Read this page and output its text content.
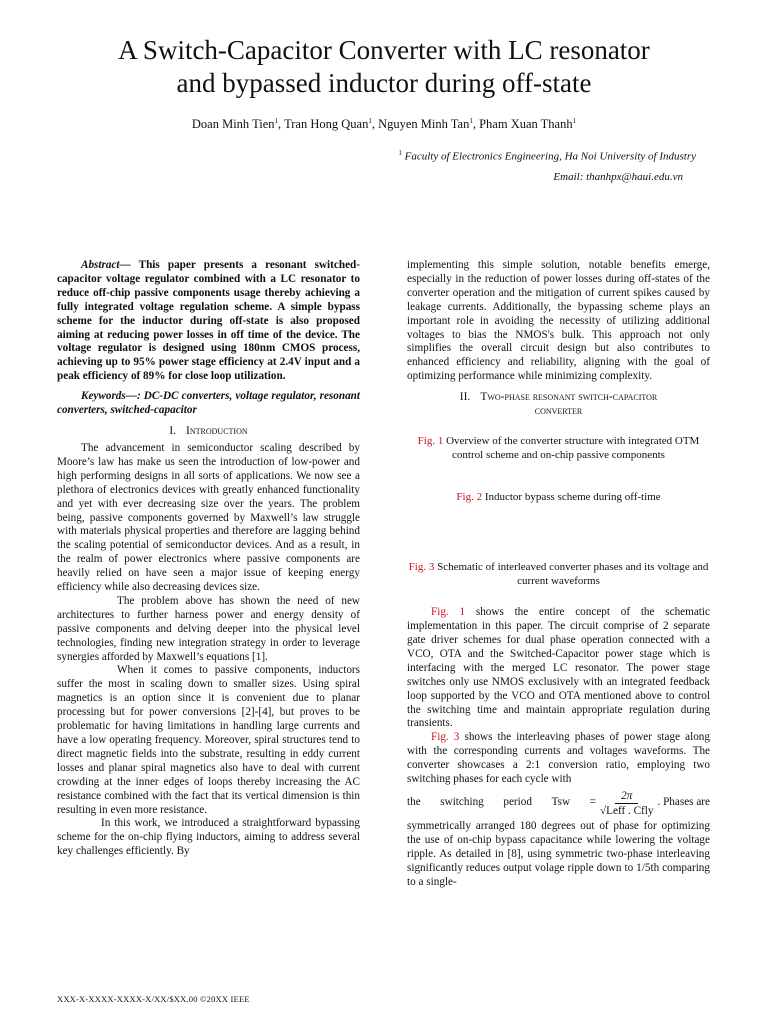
A Switch-Capacitor Converter with LC resonator
and bypassed inductor during off-state

Doan Minh Tien$^1$, Tran Hong Quan$^1$, Nguyen Minh Tan$^1$, Pham Xuan Thanh$^1$

$^1$ Faculty of Electronics Engineering, Ha Noi University of Industry

Email: thanhpx@haui.edu.vn

Abstract— This paper presents a resonant switched-capacitor voltage regulator combined with a LC resonator to reduce off-chip passive components usage thereby achieving a fully integrated voltage regulation scheme. A simple bypass scheme for the inductor during off-state is also proposed aiming at reducing power losses in off time of the device. The voltage regulator is designed using 180nm CMOS process, achieving up to 95% power stage efficiency at 2.4V input and a peak efficiency of 89% for close loop utilization.

Keywords—: DC-DC converters, voltage regulator, resonant converters, switched-capacitor

I. Introduction

The advancement in semiconductor scaling described by Moore’s law has make us seen the introduction of low-power and high performing designs in all sorts of applications. We now see a plethora of electronics devices with greatly enhanced functionality and yet with ever decreasing size over the years. The problem being, passive components governed by Maxwell’s law struggle with materials physical properties and therefore are lagging behind the scaling potential of semiconductor devices. And as a result, in the realm of power electronics where passive components are heavily relied on have seen a major issue of keeping energy efficiency while also decreasing devices size.

The problem above has shown the need of new architectures to further harness power and energy density of passive components and delving deeper into the physical level technologies, finding new integration strategy in order to leverage synergies afforded by Maxwell’s equations [1].

When it comes to passive components, inductors suffer the most in scaling down to smaller sizes. Using spiral magnetics is an option since it is convenient due to planar processing but for power conversions [2]-[4], but proves to be problematic for having limitations in handling large currents and have a low operating frequency. Moreover, spiral structures tend to direct magnetic fields into the substrate, resulting in eddy current losses and planar spiral magnetics also have to deal with current crowding at the inner edges of loops thereby increasing the AC resistance combined with the fact that its vertical dimension is thin resulting in even more resistance.

In this work, we introduced a straightforward bypassing scheme for the on-chip flying inductors, aiming to address several key challenges efficiently. By

implementing this simple solution, notable benefits emerge, especially in the reduction of power losses during off-states of the converter operation and the mitigation of current spikes caused by leakage currents. Additionally, the bypassing scheme plays an important role in avoiding the necessity of utilizing additional voltages to bias the NMOS's bulk. This approach not only simplifies the overall circuit design but also contributes to enhanced efficiency and reliability, aligning with the goal of optimizing performance while minimizing complexity.

II. Two-phase resonant switch-capacitor
converter

Fig. 1 Overview of the converter structure with integrated OTM control scheme and on-chip passive components

Fig. 2 Inductor bypass scheme during off-time

Fig. 3 Schematic of interleaved converter phases and its voltage and current waveforms

Fig. 1 shows the entire concept of the schematic implementation in this paper. The circuit comprise of 2 separate gate driver schemes for dual phase operation connected with a VCO, OTA and the Switched-Capacitor power stage which is interfacing with the merged LC resonator. The power stage switches only use NMOS exclusively with an integrated feedback loop supported by the VCO and OTA mentioned above to control the switching time and maintain appropriate regulation during transients.

Fig. 3 shows the interleaving phases of power stage along with the corresponding currents and voltages waveforms. The converter showcases a 2:1 conversion ratio, employing two switching phases for each cycle with

the switching period Tsw = $\frac{2\pi}{\text{√Leff . Cfly}}$ . Phases are

symmetrically arranged 180 degrees out of phase for optimizing the use of on-chip bypass capacitance while lowering the voltage ripple. As detailed in [8], using symmetric two-phase interleaving significantly reduces output volage ripple down to 1/5th comparing to a single-

XXX-X-XXXX-XXXX-X/XX/$XX.00 ©20XX IEEE
